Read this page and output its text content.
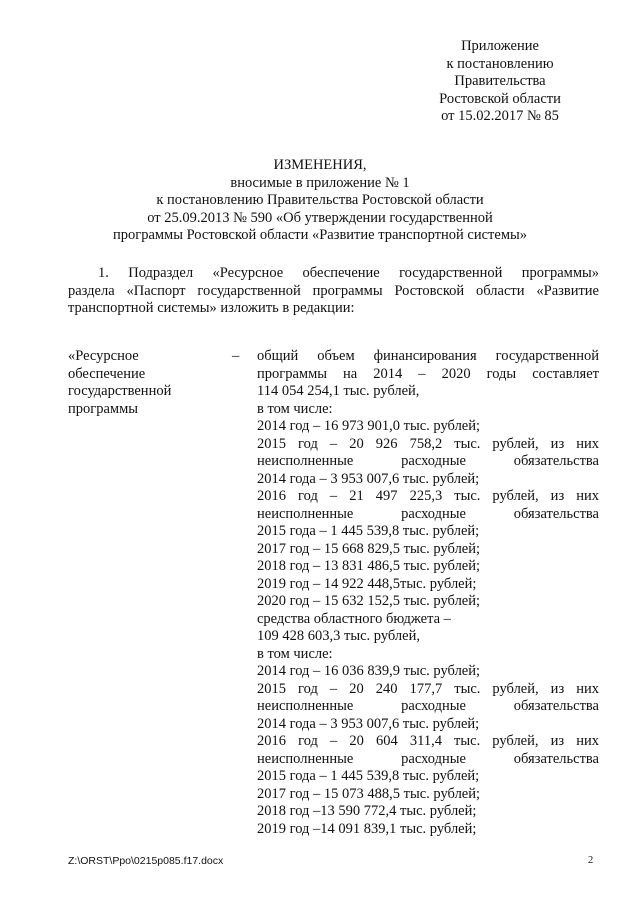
Приложение
к постановлению
Правительства
Ростовской области
от 15.02.2017 № 85
ИЗМЕНЕНИЯ,
вносимые в приложение № 1
к постановлению Правительства Ростовской области
от 25.09.2013 № 590 «Об утверждении государственной
программы Ростовской области «Развитие транспортной системы»
1. Подраздел «Ресурсное обеспечение государственной программы»
раздела «Паспорт государственной программы Ростовской области «Развитие
транспортной системы» изложить в редакции:
«Ресурсное
обеспечение
государственной
программы
– общий объем финансирования государственной
программы на 2014 – 2020 годы составляет
114 054 254,1 тыс. рублей,
в том числе:
2014 год – 16 973 901,0 тыс. рублей;
2015 год – 20 926 758,2 тыс. рублей, из них
неисполненные расходные обязательства
2014 года – 3 953 007,6 тыс. рублей;
2016 год – 21 497 225,3 тыс. рублей, из них
неисполненные расходные обязательства
2015 года – 1 445 539,8 тыс. рублей;
2017 год – 15 668 829,5 тыс. рублей;
2018 год – 13 831 486,5 тыс. рублей;
2019 год – 14 922 448,5тыс. рублей;
2020 год – 15 632 152,5 тыс. рублей;
средства областного бюджета –
109 428 603,3 тыс. рублей,
в том числе:
2014 год – 16 036 839,9 тыс. рублей;
2015 год – 20 240 177,7 тыс. рублей, из них
неисполненные расходные обязательства
2014 года – 3 953 007,6 тыс. рублей;
2016 год – 20 604 311,4 тыс. рублей, из них
неисполненные расходные обязательства
2015 года – 1 445 539,8 тыс. рублей;
2017 год – 15 073 488,5 тыс. рублей;
2018 год –13 590 772,4 тыс. рублей;
2019 год –14 091 839,1 тыс. рублей;
Z:\ORST\Ppo\0215p085.f17.docx	2
